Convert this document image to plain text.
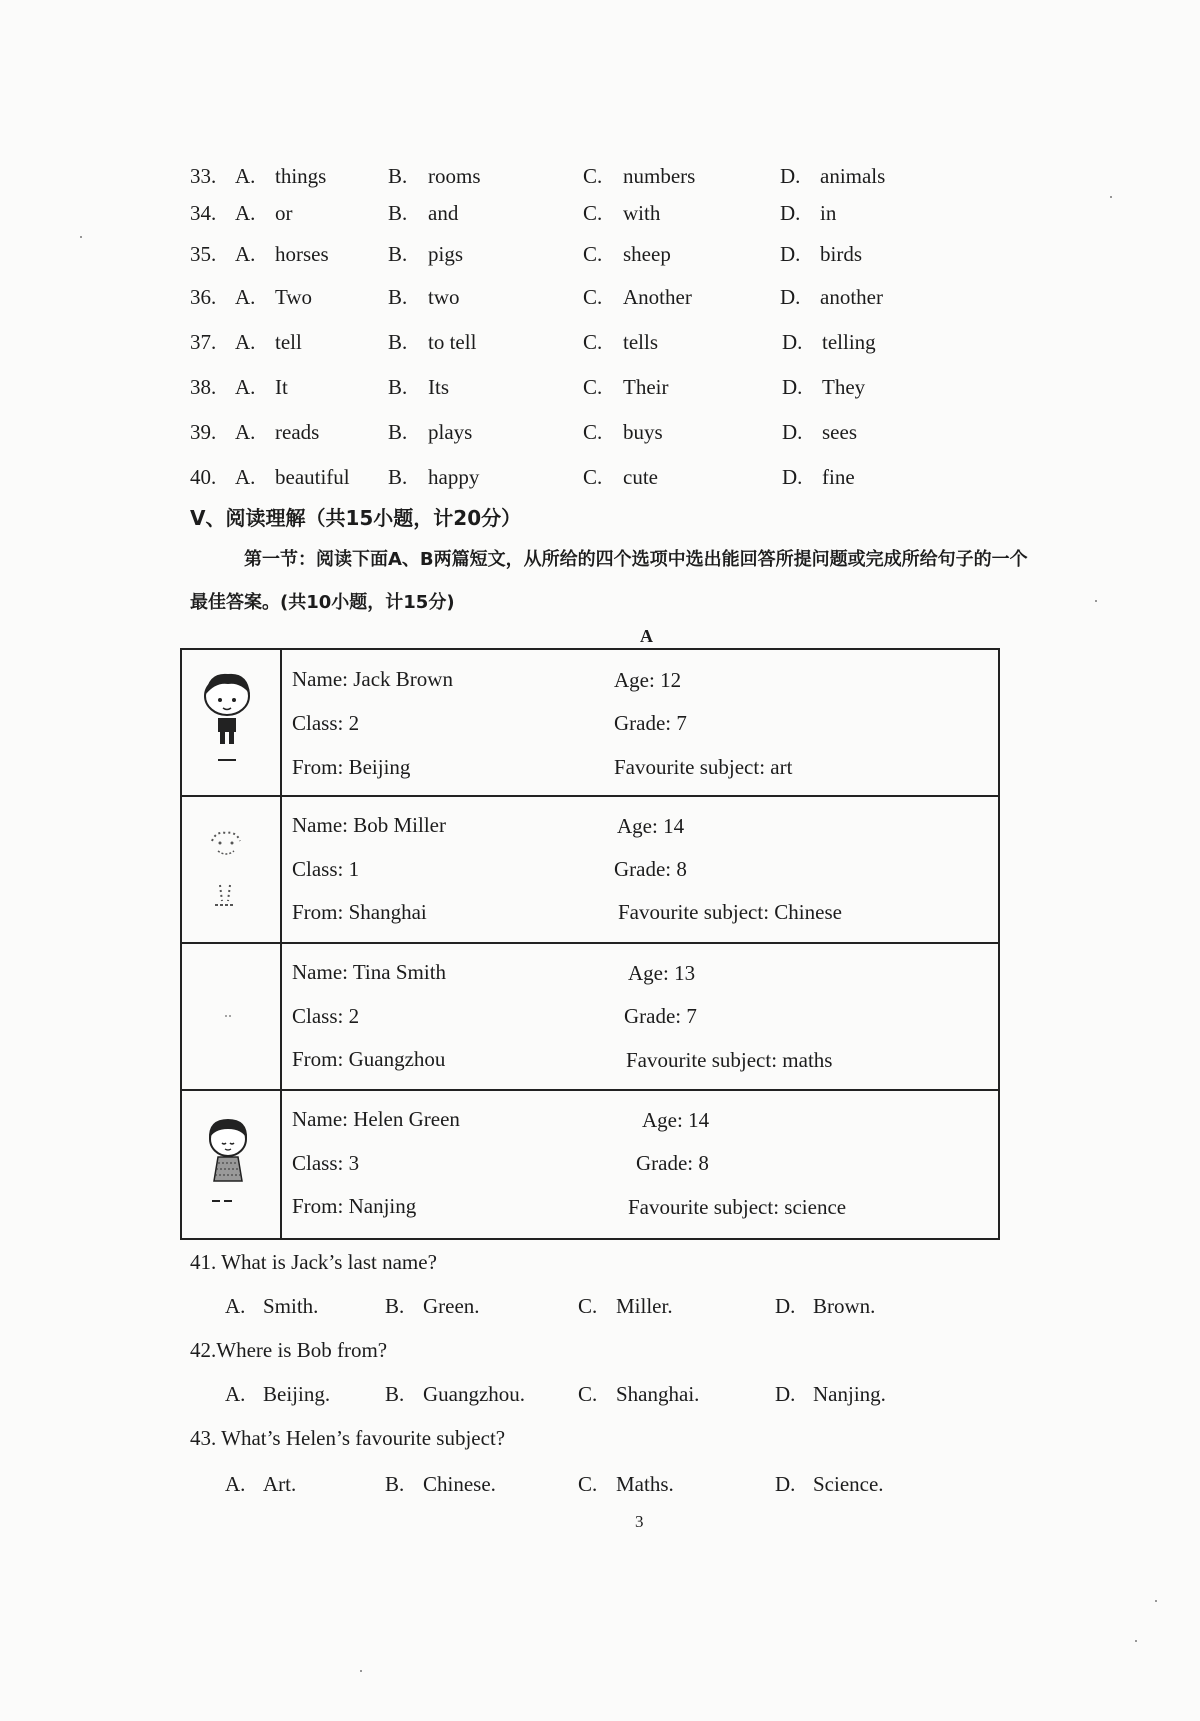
33. A. things	B. rooms	C. numbers	D. animals
34. A. or	B. and	C. with	D. in
35. A. horses	B. pigs	C. sheep	D. birds
36. A. Two	B. two	C. Another	D. another
37. A. tell	B. to tell	C. tells	D. telling
38. A. It	B. Its	C. Their	D. They
39. A. reads	B. plays	C. buys	D. sees
40. A. beautiful B. happy	C. cute	D. fine
V、阅读理解（共15小题，计20分）
第一节：阅读下面A、B两篇短文，从所给的四个选项中选出能回答所提问题或完成所给句子的一个
最佳答案。(共10小题，计15分)
A
Name: Jack Brown	Age: 12
Class: 2	Grade: 7
From: Beijing	Favourite subject: art
Name: Bob Miller	Age: 14
Class: 1	Grade: 8
From: Shanghai	Favourite subject: Chinese
Name: Tina Smith	Age: 13
Class: 2	Grade: 7
From: Guangzhou	Favourite subject: maths
Name: Helen Green	Age: 14
Class: 3	Grade: 8
From: Nanjing	Favourite subject: science
41. What is Jack’s last name?
A. Smith.	B. Green.	C. Miller.	D. Brown.
42.Where is Bob from?
A. Beijing.	B. Guangzhou.	C. Shanghai.	D. Nanjing.
43. What’s Helen’s favourite subject?
A. Art.	B. Chinese.	C. Maths.	D. Science.
3
